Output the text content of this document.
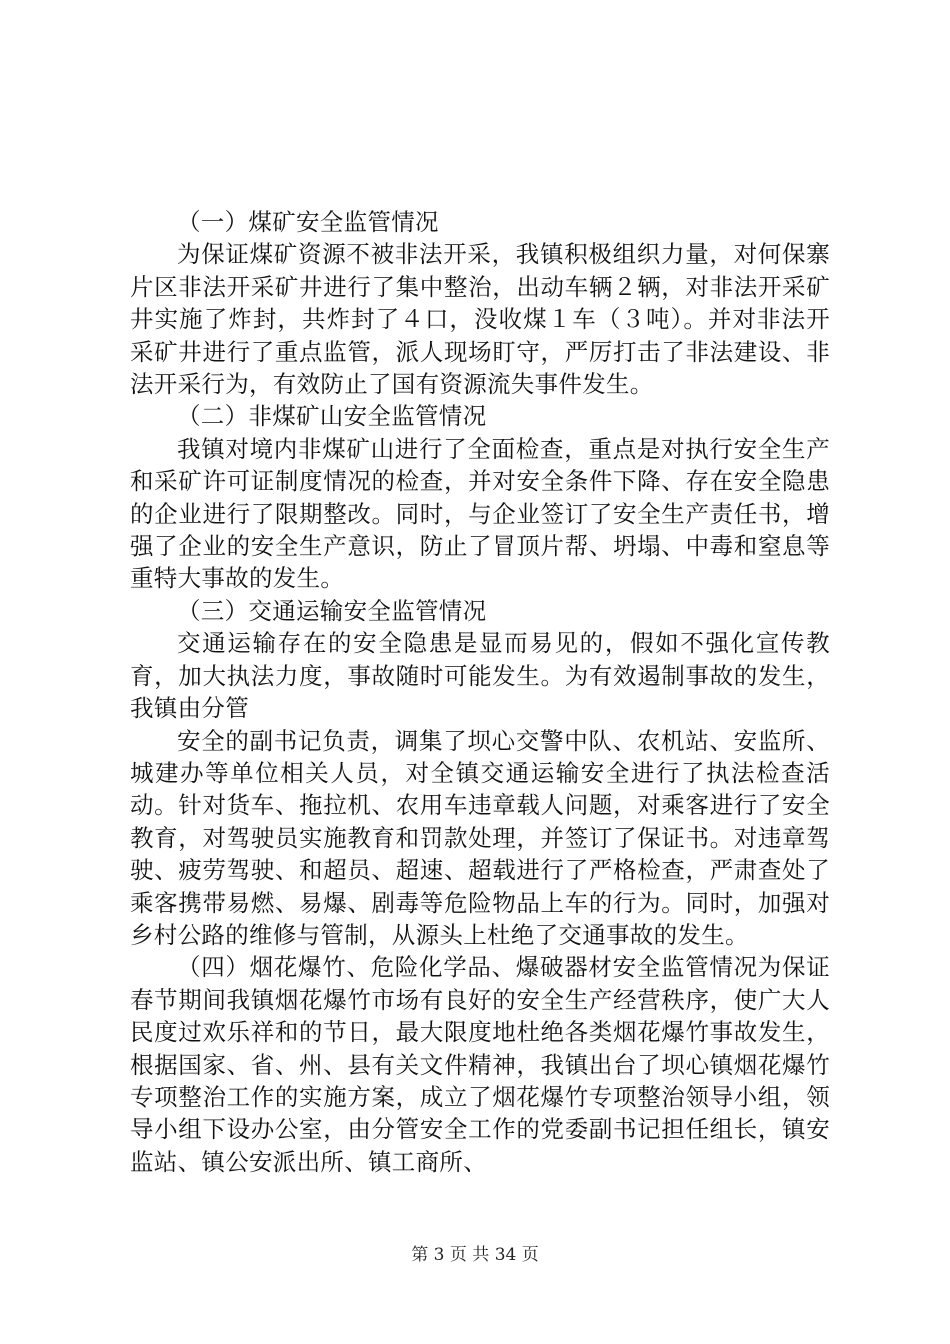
（一）煤矿安全监管情况

为保证煤矿资源不被非法开采，我镇积极组织力量，对何保寨片区非法开采矿井进行了集中整治，出动车辆２辆，对非法开采矿井实施了炸封，共炸封了４口，没收煤１车（３吨）。并对非法开采矿井进行了重点监管，派人现场盯守，严厉打击了非法建设、非法开采行为，有效防止了国有资源流失事件发生。

（二）非煤矿山安全监管情况

我镇对境内非煤矿山进行了全面检查，重点是对执行安全生产和采矿许可证制度情况的检查，并对安全条件下降、存在安全隐患的企业进行了限期整改。同时，与企业签订了安全生产责任书，增强了企业的安全生产意识，防止了冒顶片帮、坍塌、中毒和窒息等重特大事故的发生。

（三）交通运输安全监管情况

交通运输存在的安全隐患是显而易见的，假如不强化宣传教育，加大执法力度，事故随时可能发生。为有效遏制事故的发生，我镇由分管

安全的副书记负责，调集了坝心交警中队、农机站、安监所、城建办等单位相关人员，对全镇交通运输安全进行了执法检查活动。针对货车、拖拉机、农用车违章载人问题，对乘客进行了安全教育，对驾驶员实施教育和罚款处理，并签订了保证书。对违章驾驶、疲劳驾驶、和超员、超速、超载进行了严格检查，严肃查处了乘客携带易燃、易爆、剧毒等危险物品上车的行为。同时，加强对乡村公路的维修与管制，从源头上杜绝了交通事故的发生。

（四）烟花爆竹、危险化学品、爆破器材安全监管情况为保证春节期间我镇烟花爆竹市场有良好的安全生产经营秩序，使广大人民度过欢乐祥和的节日，最大限度地杜绝各类烟花爆竹事故发生，根据国家、省、州、县有关文件精神，我镇出台了坝心镇烟花爆竹专项整治工作的实施方案，成立了烟花爆竹专项整治领导小组，领导小组下设办公室，由分管安全工作的党委副书记担任组长，镇安监站、镇公安派出所、镇工商所、

第 3 页 共 34 页
